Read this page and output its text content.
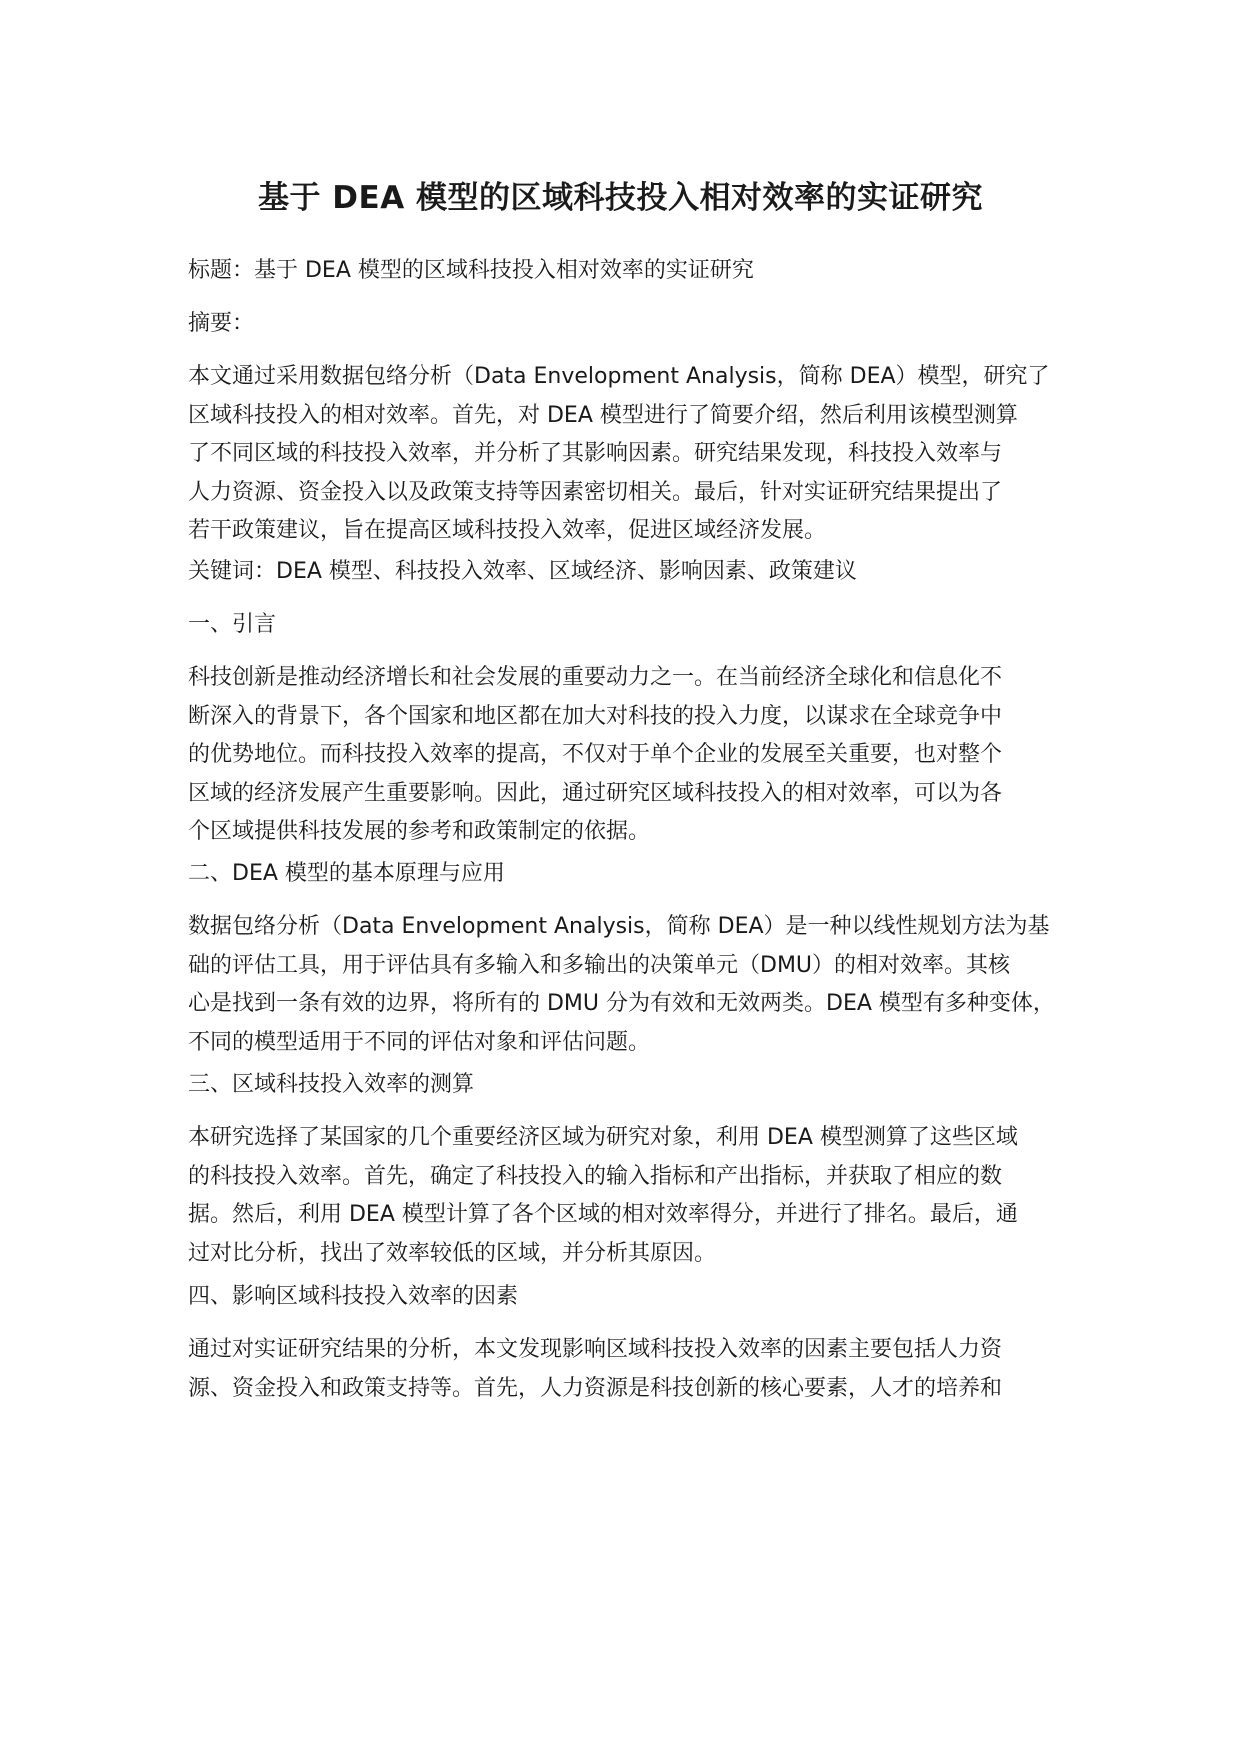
基于 DEA 模型的区域科技投入相对效率的实证研究
标题：基于 DEA 模型的区域科技投入相对效率的实证研究
摘要：
本文通过采用数据包络分析（Data Envelopment Analysis，简称 DEA）模型，研究了
区域科技投入的相对效率。首先，对 DEA 模型进行了简要介绍，然后利用该模型测算
了不同区域的科技投入效率，并分析了其影响因素。研究结果发现，科技投入效率与
人力资源、资金投入以及政策支持等因素密切相关。最后，针对实证研究结果提出了
若干政策建议，旨在提高区域科技投入效率，促进区域经济发展。
关键词：DEA 模型、科技投入效率、区域经济、影响因素、政策建议
一、引言
科技创新是推动经济增长和社会发展的重要动力之一。在当前经济全球化和信息化不
断深入的背景下，各个国家和地区都在加大对科技的投入力度，以谋求在全球竞争中
的优势地位。而科技投入效率的提高，不仅对于单个企业的发展至关重要，也对整个
区域的经济发展产生重要影响。因此，通过研究区域科技投入的相对效率，可以为各
个区域提供科技发展的参考和政策制定的依据。
二、DEA 模型的基本原理与应用
数据包络分析（Data Envelopment Analysis，简称 DEA）是一种以线性规划方法为基
础的评估工具，用于评估具有多输入和多输出的决策单元（DMU）的相对效率。其核
心是找到一条有效的边界，将所有的 DMU 分为有效和无效两类。DEA 模型有多种变体，
不同的模型适用于不同的评估对象和评估问题。
三、区域科技投入效率的测算
本研究选择了某国家的几个重要经济区域为研究对象，利用 DEA 模型测算了这些区域
的科技投入效率。首先，确定了科技投入的输入指标和产出指标，并获取了相应的数
据。然后，利用 DEA 模型计算了各个区域的相对效率得分，并进行了排名。最后，通
过对比分析，找出了效率较低的区域，并分析其原因。
四、影响区域科技投入效率的因素
通过对实证研究结果的分析，本文发现影响区域科技投入效率的因素主要包括人力资
源、资金投入和政策支持等。首先，人力资源是科技创新的核心要素，人才的培养和
